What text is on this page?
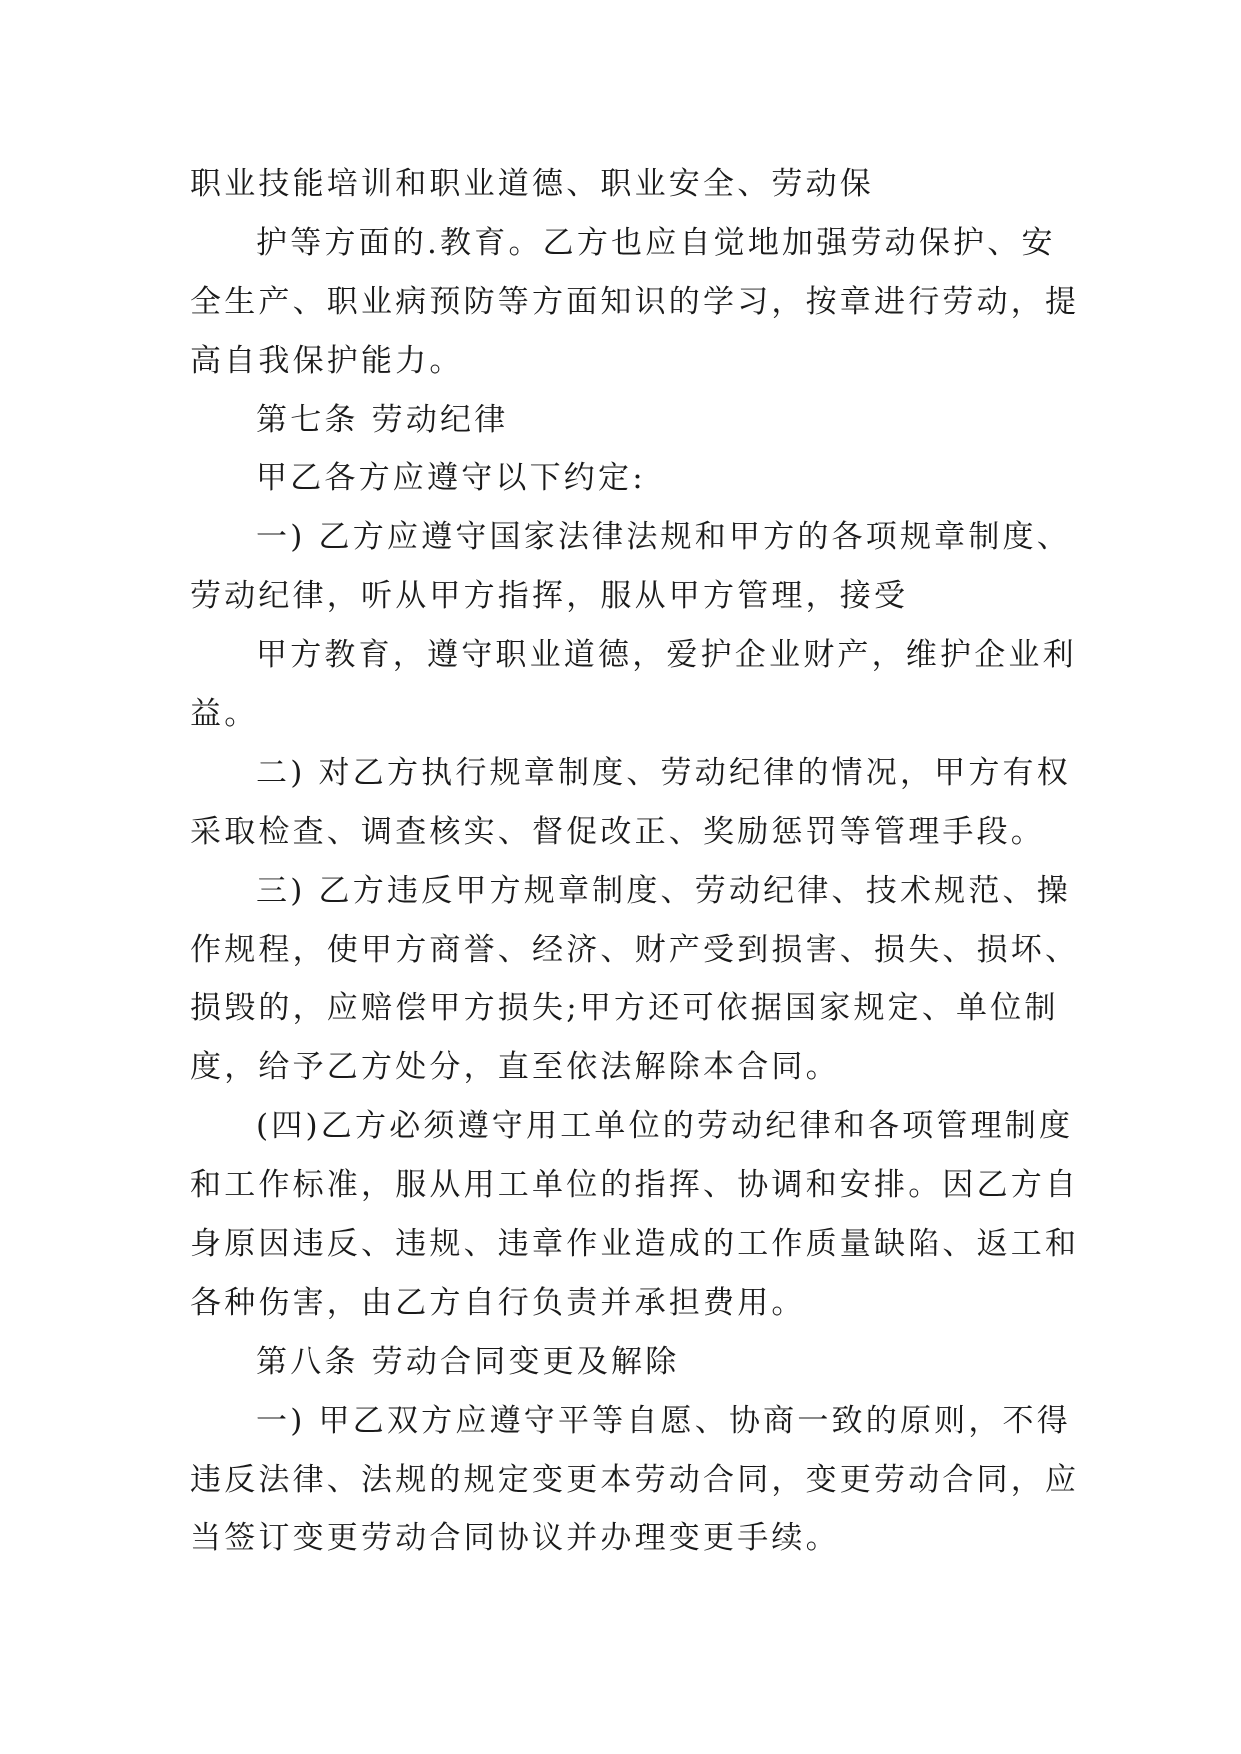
职业技能培训和职业道德、职业安全、劳动保
护等方面的.教育。乙方也应自觉地加强劳动保护、安
全生产、职业病预防等方面知识的学习，按章进行劳动，提
高自我保护能力。
第七条 劳动纪律
甲乙各方应遵守以下约定:
一) 乙方应遵守国家法律法规和甲方的各项规章制度、
劳动纪律，听从甲方指挥，服从甲方管理，接受
甲方教育，遵守职业道德，爱护企业财产，维护企业利
益。
二) 对乙方执行规章制度、劳动纪律的情况，甲方有权
采取检查、调查核实、督促改正、奖励惩罚等管理手段。
三) 乙方违反甲方规章制度、劳动纪律、技术规范、操
作规程，使甲方商誉、经济、财产受到损害、损失、损坏、
损毁的，应赔偿甲方损失;甲方还可依据国家规定、单位制
度，给予乙方处分，直至依法解除本合同。
(四)乙方必须遵守用工单位的劳动纪律和各项管理制度
和工作标准，服从用工单位的指挥、协调和安排。因乙方自
身原因违反、违规、违章作业造成的工作质量缺陷、返工和
各种伤害，由乙方自行负责并承担费用。
第八条 劳动合同变更及解除
一) 甲乙双方应遵守平等自愿、协商一致的原则，不得
违反法律、法规的规定变更本劳动合同，变更劳动合同，应
当签订变更劳动合同协议并办理变更手续。
